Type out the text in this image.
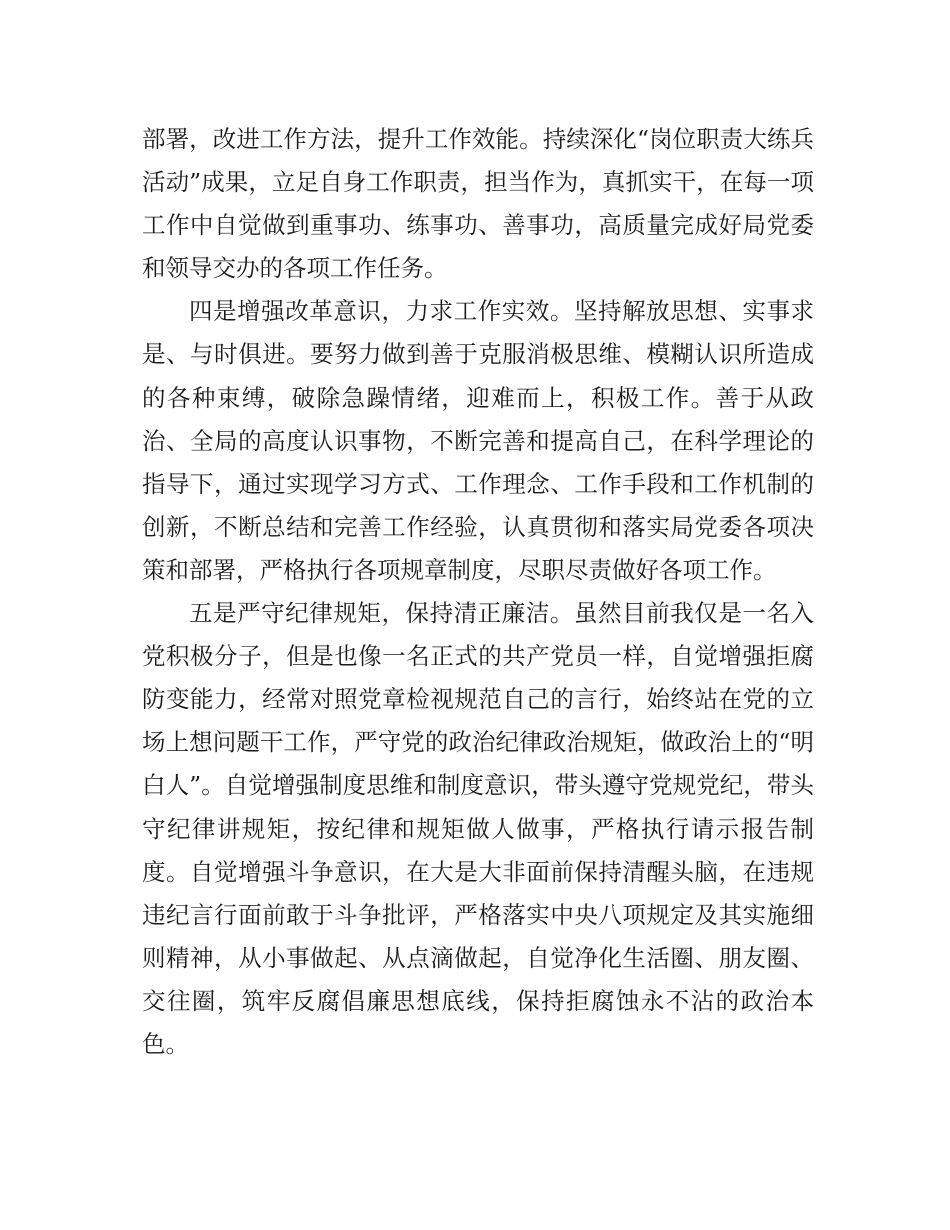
部署，改进工作方法，提升工作效能。持续深化“岗位职责大练兵活动”成果，立足自身工作职责，担当作为，真抓实干，在每一项工作中自觉做到重事功、练事功、善事功，高质量完成好局党委和领导交办的各项工作任务。

四是增强改革意识，力求工作实效。坚持解放思想、实事求是、与时俱进。要努力做到善于克服消极思维、模糊认识所造成的各种束缚，破除急躁情绪，迎难而上，积极工作。善于从政治、全局的高度认识事物，不断完善和提高自己，在科学理论的指导下，通过实现学习方式、工作理念、工作手段和工作机制的创新，不断总结和完善工作经验，认真贯彻和落实局党委各项决策和部署，严格执行各项规章制度，尽职尽责做好各项工作。

五是严守纪律规矩，保持清正廉洁。虽然目前我仅是一名入党积极分子，但是也像一名正式的共产党员一样，自觉增强拒腐防变能力，经常对照党章检视规范自己的言行，始终站在党的立场上想问题干工作，严守党的政治纪律政治规矩，做政治上的“明白人”。自觉增强制度思维和制度意识，带头遵守党规党纪，带头守纪律讲规矩，按纪律和规矩做人做事，严格执行请示报告制度。自觉增强斗争意识，在大是大非面前保持清醒头脑，在违规违纪言行面前敢于斗争批评，严格落实中央八项规定及其实施细则精神，从小事做起、从点滴做起，自觉净化生活圈、朋友圈、交往圈，筑牢反腐倡廉思想底线，保持拒腐蚀永不沾的政治本色。
